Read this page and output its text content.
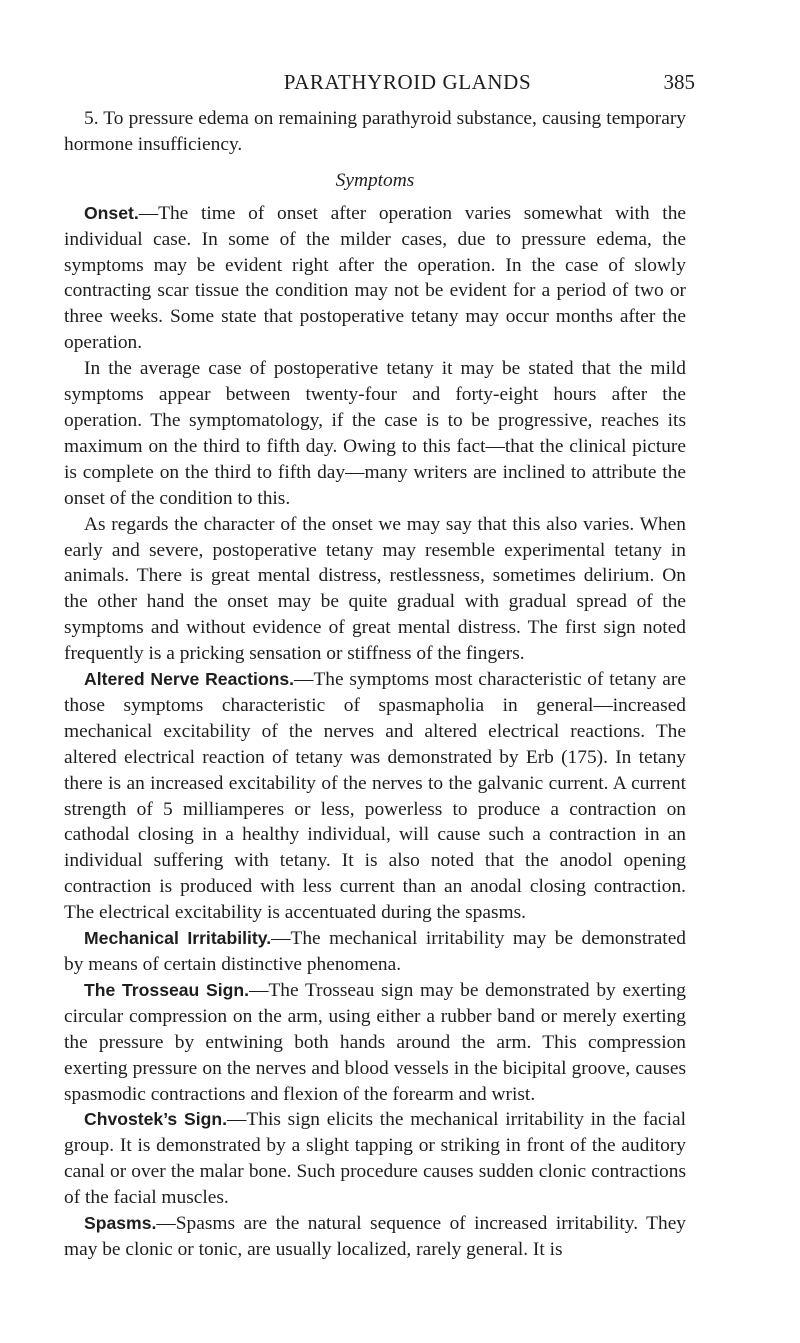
PARATHYROID GLANDS	385

5. To pressure edema on remaining parathyroid substance, causing temporary hormone insufficiency.

Symptoms

Onset.—The time of onset after operation varies somewhat with the individual case. In some of the milder cases, due to pressure edema, the symptoms may be evident right after the operation. In the case of slowly contracting scar tissue the condition may not be evident for a period of two or three weeks. Some state that postoperative tetany may occur months after the operation.

In the average case of postoperative tetany it may be stated that the mild symptoms appear between twenty-four and forty-eight hours after the operation. The symptomatology, if the case is to be progressive, reaches its maximum on the third to fifth day. Owing to this fact—that the clinical picture is complete on the third to fifth day—many writers are inclined to attribute the onset of the condition to this.

As regards the character of the onset we may say that this also varies. When early and severe, postoperative tetany may resemble experimental tetany in animals. There is great mental distress, restlessness, sometimes delirium. On the other hand the onset may be quite gradual with gradual spread of the symptoms and without evidence of great mental distress. The first sign noted frequently is a pricking sensation or stiffness of the fingers.

Altered Nerve Reactions.—The symptoms most characteristic of tetany are those symptoms characteristic of spasmapholia in general—increased mechanical excitability of the nerves and altered electrical reactions. The altered electrical reaction of tetany was demonstrated by Erb (175). In tetany there is an increased excitability of the nerves to the galvanic current. A current strength of 5 milliamperes or less, powerless to produce a contraction on cathodal closing in a healthy individual, will cause such a contraction in an individual suffering with tetany. It is also noted that the anodol opening contraction is produced with less current than an anodal closing contraction. The electrical excitability is accentuated during the spasms.

Mechanical Irritability.—The mechanical irritability may be demonstrated by means of certain distinctive phenomena.

The Trosseau Sign.—The Trosseau sign may be demonstrated by exerting circular compression on the arm, using either a rubber band or merely exerting the pressure by entwining both hands around the arm. This compression exerting pressure on the nerves and blood vessels in the bicipital groove, causes spasmodic contractions and flexion of the forearm and wrist.

Chvostek’s Sign.—This sign elicits the mechanical irritability in the facial group. It is demonstrated by a slight tapping or striking in front of the auditory canal or over the malar bone. Such procedure causes sudden clonic contractions of the facial muscles.

Spasms.—Spasms are the natural sequence of increased irritability. They may be clonic or tonic, are usually localized, rarely general. It is
